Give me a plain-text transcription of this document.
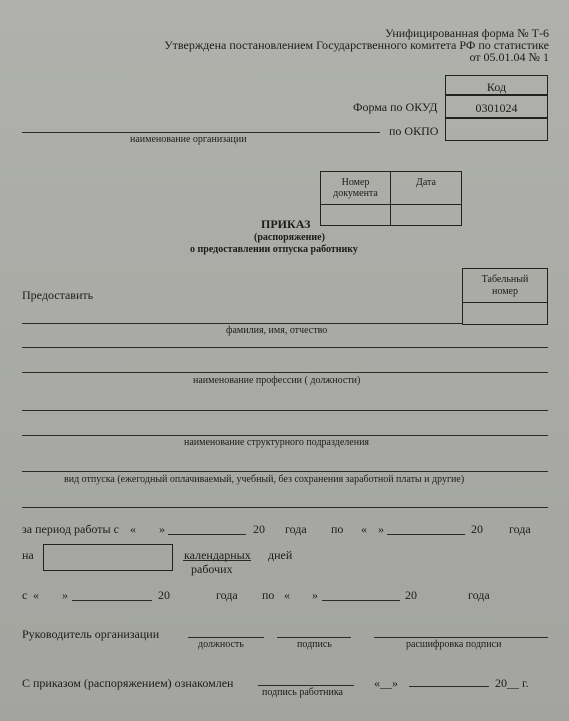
Унифицированная форма № Т-6
Утверждена постановлением Государственного комитета РФ по статистике
от 05.01.04 № 1
Код
0301024
Форма по ОКУД
по ОКПО
наименование организации
Номер
документа
Дата
ПРИКАЗ
(распоряжение)
о предоставлении отпуска работнику
Табельный
номер
Предоставить
фамилия, имя, отчество
наименование профессии ( должности)
наименование структурного подразделения
вид отпуска (ежегодный оплачиваемый, учебный, без сохранения заработной платы и другие)
за период работы с « »	20 года по « »	20 года
на	календарных
рабочих
дней
с « »	20	года по « »	20	года
Руководитель организации
должность	подпись	расшифровка подписи
С приказом (распоряжением) ознакомлен
подпись работника
«__»	20__ г.
